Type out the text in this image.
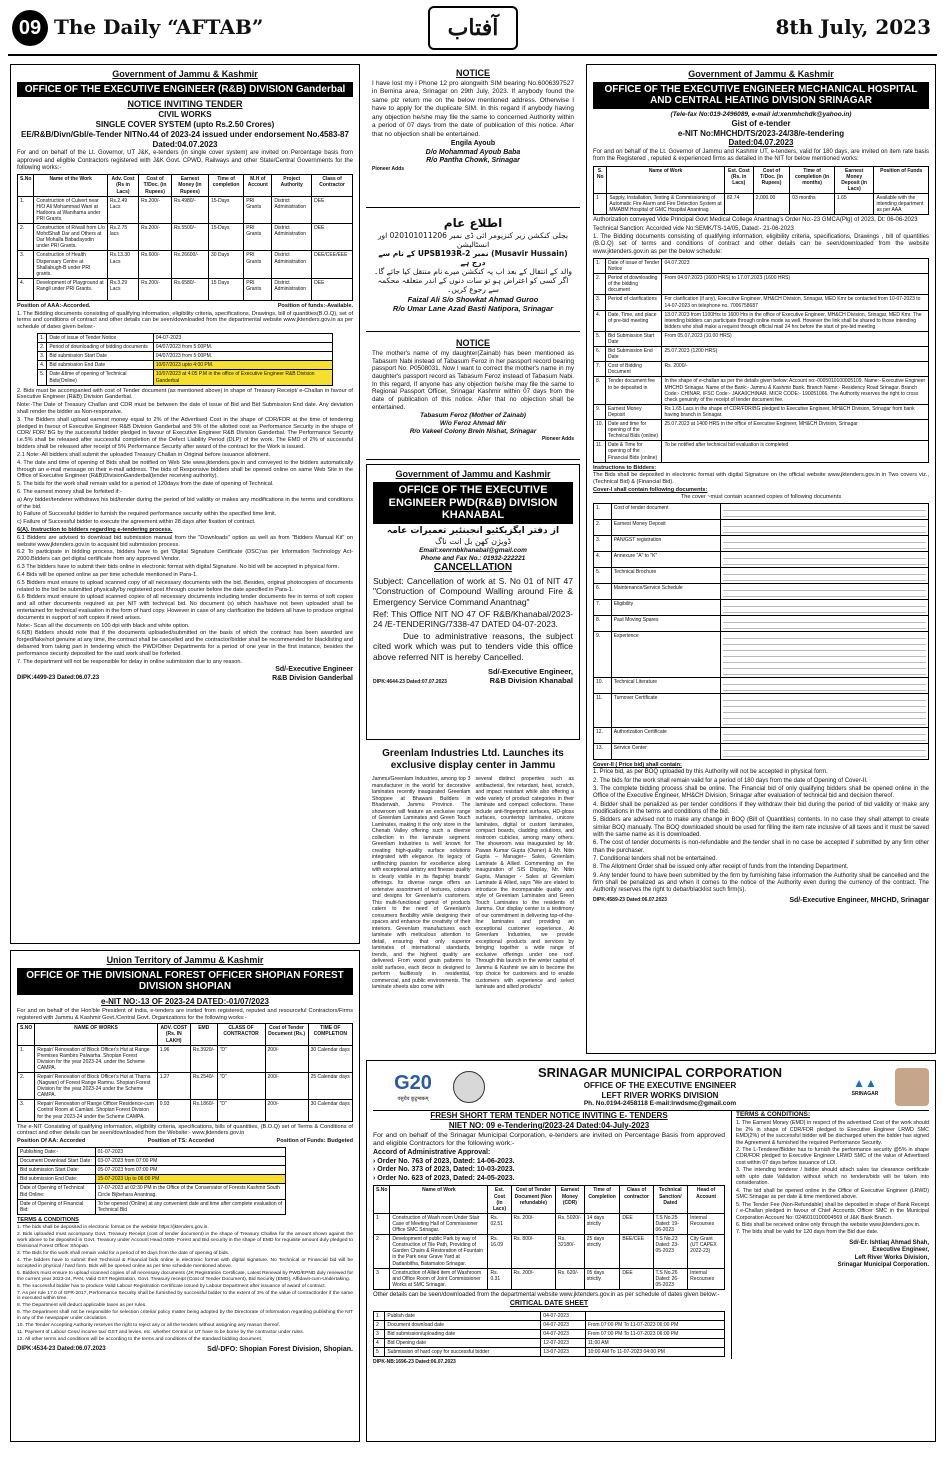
09 The Daily “AFTAB”	آفتاب	8th July, 2023
Government of Jammu & Kashmir
OFFICE OF THE EXECUTIVE ENGINEER (R&B) DIVISION Ganderbal
NOTICE INVITING TENDER
CIVIL WORKS
SINGLE COVER SYSTEM (upto Rs.2.50 Crores)
EE/R&B/Divn/Gbl/e-Tender NITNo.44 of 2023-24 issued under endorsement No.4583-87 Dated:04.07.2023

For and on behalf of the Lt. Governor, UT J&K, e-tenders (in single cover system) are invited on Percentage basis from approved and eligible Contractors registered with J&K Govt. CPWD, Railways and other State/Central Governments for the following works:-

S.No	Name of the Work	Adv. Cost (Rs in Lacs)	Cost of T/Doc. (in Rupees)	Earnest Money (in Rupees)	Time of completion	M.H of Account	Project Authority	Class of Contractor
1.	Construction of Culvert near H/O Ali Mohammad Wani at Hadoora at Wanihama under PRI Grants.	Rs.2.49 Lacs	Rs.200/-	Rs.4980/-	15-Days	PRI Grants	District Administration	DEE
2.	Construction of R/wall from L/o MohdShafi Dar and Others at Dar Mohalla Babadayodin under PRI Grants.	Rs.2.75 lacs	Rs.200/-	Rs.5500/-	15-Days	PRI Grants	District Administration	DEE
3.	Construction of Health Dispensary Centre at Shallabugh-B under PRI grants.	Rs.13.30 Lacs	Rs.600/-	Rs.26600/-	30 Days	PRI Grants	District Administration	DEE/CEE/EEE
4.	Development of Playground at Rangil under PRI Grants.	Rs.3.29 Lacs	Rs.200/-	Rs.6580/-	15 Days	PRI Grants	District Administration	DEE
Position of AAA:-Accorded.	Position of funds:-Available.

1. The Bidding documents consisting of qualifying information, eligibility criteria, specifications, Drawings, bill of quantities(B.O.Q), set of terms and conditions of contract and other details can be seen/downloaded from the departmental website www.jktenders.gov.in as per schedule of dates given below:-

1.	Date of issue of Tender Notice	04-07-2023
2.	Period of downloading of bidding documents	04/07/2023 from 5:00PM.
3.	Bid submission Start Date	04/07/2023 from 5:00PM.
4.	Bid submission End Date	10/07/2023 upto 4:00 PM.
5.	Date &time of opening of Technical Bids(Online)	10/07/2023 at 4:05 P.M in the office of Executive Engineer R&B Division Ganderbal

2. Bids must be accompanied with cost of Tender document (as mentioned above) in shape of Treasury Receipt/ e-Challan in favour of Executive Engineer (R&B) Division Ganderbal.

Note:-The Date of Treasury Challan and CDR must be between the date of issue of Bid and Bid Submission End date. Any deviation shall render the bidder as Non-responsive.

3. The Bidders shall upload earnest money equal to 2% of the Advertised Cost in the shape of CDR/FDR at the time of tendering pledged in favour of Executive Engineer R&B Division Ganderbal and 5% of the allotted cost as Performance Security in the shape of CDR/ FDR/ BG by the successful bidder pledged in favour of Executive Engineer R&B Division Ganderbal. The Performance Security i.e.5% shall be released after successful completion of the Defect Liability Period (DLP) of the work. The EMD of 2% of successful bidders shall be released after receipt of 5% Performance Security after award of the contract for the Work is issued.

2.1 Note:-All bidders shall submit the uploaded Treasury Challan in Original before issuance allotment.

4. The date and time of opening of Bids shall be notified on Web Site www.jktenders.gov.in and conveyed to the bidders automatically through an e-mail message on their e-mail address. The bids of Responsive bidders shall be opened online on same Web Site in the Office of Executive Engineer (R&B)DivisionGanderbal(tender receiving authority).

5. The bids for the work shall remain valid for a period of 120days from the date of opening of Technical.

6. The earnest money shall be forfeited if:-

a) Any bidder/tenderer withdraws his bid/tender during the period of bid validity or makes any modifications in the terms and conditions of the bid.

b) Failure of Successful bidder to furnish the required performance security within the specified time limit.

c) Failure of Successful bidder to execute the agreement within 28 days after fixation of contract.

6(A). Instruction to bidders regarding e-tendering process.

6.1 Bidders are advised to download bid submission manual from the "Downloads" option as well as from "Bidders Manual Kit" on website www.jktenders.gov.in to acquaint bid submission process.

6.2 To participate in bidding process, bidders have to get 'Digital Signature Certificate (DSC)'as per Information Technology Act-2000.Bidders can get digital certificate from any approved Vendor.

6.3 The bidders have to submit their bids online in electronic format with digital Signature. No bid will be accepted in physical form.

6.4 Bids will be opened online as per time schedule mentioned in Para-1.

6.5 Bidders must ensure to upload scanned copy of all necessary documents with the bid. Besides, original photocopies of documents related to the bid be submitted physically/by registered post /through courier before the date specified in Para-1.

6.6 Bidders must ensure to upload scanned copies of all necessary documents including tender documents fee in terms of soft copies and all other documents required as per NIT with technical bid. No document (s) which has/have not been uploaded shall be entertained for technical evaluation in the form of hard copy. However in case of any clarification the bidders all have to produce original documents in support of soft copies if need arises.

Note:- Scan all the documents on 100 dpi with black and white option.

6.6(B) Bidders should note that if the documents uploaded/submitted on the basis of which the contract has been awarded are forged/fake/not genuine at any time, the contract shall be cancelled and the contractor/bidder shall be recommended for blacklisting and debarred from taking part in tendering which the PWD/Other Departments for a period of one year in the first instance, besides the performance security deposited for the said work shall be forfeited.

7. The department will not be responsible for delay in online submission due to any reason.

Sd/-Executive Engineer
DIPK:4499-23 Dated:06.07.23	R&B Division Ganderbal
Union Territory of Jammu & Kashmir
OFFICE OF THE DIVISIONAL FOREST OFFICER SHOPIAN FOREST DIVISION SHOPIAN
e-NIT NO:-13 OF 2023-24 DATED:-01/07/2023

For and on behalf of the Hon'ble President of India, e-tenders are invited from registered, reputed and resourceful Contractors/Firms registered with Jammu & Kashmir Govt./Central Govt. Organizations for the following works:-

S.NO	NAME OF WORKS	ADV. COST (Rs. IN LAKH)	EMD	CLASS OF CONTRACTOR	Cost of Tender Document (Rs.)	TIME OF COMPLETION
1.	Repair/ Renovation of Block Officer's Hut at Range Premises Rambirs Palwarha. Shopian Forest Division for the year 2023-24. under the Scheme CAMPA.	1.96	Rs.3920/-	"D"	200/-	30 Calendar days
2.	Repair/ Renovation of Block Officer's Hut at Tharna (Nagwan) of Forest Range Ramnu. Shopian Forest Division for the year 2023-24 under the Scheme CAMPA.	1.27	Rs.2540/-	"D"	200/-	25 Calendar days
3.	Repair/ Renovation of Range Officer Residence-cum Control Room at Camlani. Shopian Forest Division for the year 2023-24 under the Scheme CAMPA.	0.93	Rs.1860/-	"D"	200/-	30 Calendar days

The e-NIT Consisting of qualifying information, eligibility criteria, specifications, bills of quantities, (B.O.Q) set of Terms & Conditions of contract and other details can be seen/downloaded from the Website:- www.jktenders.gov.in

Position Of AA: Accorded	Position of TS: Accorded	Position of Funds: Budgeted
Publishing Date:-	01-07-2023
Document Download Start Date:	03-07-2023 from 07:00 PM
Bid submission Start Date:	05-07-2023 from 07:00 PM
Bid submission End Date:	15-07-2023 Up to 06:00 PM
Date of Opening of Technical Bid Online:	17-07-2023 at 02:30 PM in the Office of the Conservator of Forests Kashmir South Circle Bijbehara Anantnag.
Date of Opening of Financial Bid:	To be opened (Online) at any convenient date and time after complete evaluation of Technical Bid
TERMS & CONDITIONS

1. The bids shall be deposited in electronic format on the website https://jktenders.gov.in.

2. Bids uploaded must accompany Govt. Treasury Receipt (cost of tender document) in the shape of Treasury Challan for the amount shown against the work above to be deposited in Govt. Treasury under Account Head 0406- Forest and Bid security in the shape of EMD for requisite amount duly pledged to Divisional Forest Officer Shopian.

3. The Bids for the work shall remain valid for a period of 90 days from the date of opening of bids.

4. The bidders have to submit their Technical & Financial bids online in electronic format with digital signature. No Technical or Financial bid will be accepted in physical / hard form. Bids will be opened online as per time schedule mentioned above.

5. Bidders must ensure to upload scanned copies of all necessary documents (JK Registration Certificate, Latest Renewal by PWD/EPND duly renewed for the current year 2023-24, PAN, Valid GST Registration, Govt. Treasury receipt (Cost of Tender Document), Bid Security (EMD), Affidavit-cum-Undertaking.

6. The successful bidder has to produce Valid Labour Registration Certificate issued by Labour Department after issuance of award of contract.

7. As per rule 17.0 of GFR-2017, Performance Security shall be furnished by successful bidder to the extent of 3% of the value of contract/order if the same is executed within time.

8. The Department will deduct applicable taxes as per rules.

9. The Department shall not be responsible for selection criteria/ policy matter being adopted by the Directorate of Information regarding publishing the NIT in any of the newspaper under circulation.

10. The Tender Accepting Authority reserves the right to reject any or all the tenders without assigning any reason thereof.

11. Payment of Labour Cess/ income tax/ GST and levies, etc. whether Central or UT have to be borne by the contractor under rules.

12. All other terms and conditions will be according to the terms and conditions of the standard bidding document.

DIPK:4534-23 Dated:06.07.2023	Sd/-DFO: Shopian Forest Division, Shopian.
NOTICE

I have lost my i Phone 12 pro alongwith SIM bearing No.6006397527 in Bemina area, Srinagar on 29th July, 2023. If anybody found the same plz return me on the below mentioned address. Otherwise I have to apply for the duplicate SIM. In this regard if anybody having any objection he/she may file the same to concerned Authority within a period of 07 days from the date of publication of this notice. After that no objection shall be entertained.

Engila Ayoub
D/o Mohammad Ayoub Baba
R/o Pantha Chowk, Srinagar
Pioneer Adds
اطلاع عام
بجلی کنکشن زیر کنزیومر ائی ڈی نمبر 020101011206 اور انسٹالیشن
(Musavir Hussain) نمبر UPSB193R-2 کے نام سے درج ہے
والد کے انتقال کے بعد اب یہ کنکشن میرے نام منتقل کیا جائے گا۔ اگر کسی کو اعتراض ہو تو سات دنوں کے اندر متعلقہ محکمہ سے رجوع کریں۔
Faizal Ali S/o Showkat Ahmad Guroo
R/o Umar Lane Azad Basti Natipora, Srinagar
NOTICE

The mother's name of my daughter(Zainab) has been mentioned as Tabasum Nabi instead of Tabasum Feroz in her passport record bearing passport No. P0508031. Now I want to correct the mother's name in my daughter's passport record as Tabasum Feroz instead of Tabasum Nabi. In this regard, If anyone has any objection he/she may file the same to Regional Passport Officer, Srinagar Kashmir within 07 days from the date of publication of this notice. After that no objection shall be entertained.

Tabasum Feroz (Mother of Zainab)
W/o Feroz Ahmad Mir
R/o Vakeel Colony Brein Nishat, Srinagar
Pioneer Adds
Government of Jammu and Kashmir
OFFICE OF THE EXECUTIVE ENGINEER PWD(R&B) DIVISION KHANABAL
از دفتر ایگزیکٹیو انجینئیر تعمیرات عامہ
ڈویژن کھن بل انت ناگ
Email:xenrnbkhanabal@gmail.com
Phone and Fax No.: 01932-222221
CANCELLATION

Subject: Cancellation of work at S. No 01 of NIT 47 "Construction of Compound Walling around Fire & Emergency Service Command Anantnag"

Ref: This Office NIT NO 47 OF R&B/Khanabal/2023-24 /E-TENDERING/7338-47 DATED 04-07-2023.

Due to administrative reasons, the subject cited work which was put to tenders vide this office above referred NIT is hereby Cancelled.

Sd/-Executive Engineer,
DIPK:4644-23 Dated:07.07.2023	R&B Division Khanabal
Greenlam Industries Ltd. Launches its exclusive display center in Jammu

Jammu/Greenlam Industries, among top 3 manufacturer in the world for decorative laminates recently inaugurated Greenlam Shoppee at Bhawani Builders in Bhaderwah, Jammu Province. The showroom will feature an exclusive range of Greenlam Laminates and Green Touch Laminates, making it the only store in the Chenab Valley offering such a diverse collection in the laminate segment. Greenlam Industries is well known for creating high-quality surface solutions integrated with elegance. Its legacy of unflinching passion for excellence along with exceptional artistry and finesse quality is clearly visible in its flagship brands' offerings. Its diverse range offers an extensive assortment of textures, colours and designs for Greenlam's customers. This multi-functional gamut of products caters to the need of Greenlam's consumers flexibility while designing their spaces and enhance the creativity of their interiors. Greenlam manufactures each laminate with meticulous attention to detail, ensuring that only superior laminates of international standards, trends, and the highest quality are delivered. From wood grain patterns to solid surfaces, each decor is designed to perform faultlessly in residential, commercial, and public environments. The laminate sheets also come with

several distinct properties such as antibacterial, fire retardant, heat, scratch, and impact resistant while also offering a wide variety of product categories in their laminate and compact collections. These include anti-fingerprint surfaces, HD-gloss surfaces, countertop laminates, unicore laminates, digital or custom laminates, compact boards, cladding solutions, and restroom cubicles, among many others. The showroom was inaugurated by Mr. Pawan Kumar Gupta (Owner) & Mr. Nitin Gupta – Manager– Sales, Greenlam Laminate & Allied. Commenting on the inauguration of SIS Display, Mr. Nitin Gupta, Manager - Sales at Greenlam Laminate & Allied, says "We are elated to introduce the incomparable quality and style of Greenlam Laminates and Green Touch Laminates to the residents of Jammu. Our display center is a testimony of our commitment in delivering top-of-the-line laminates and providing an exceptional customer experience. At Greenlam Industries, we provide exceptional products and services by bringing together a wide range of exclusive offerings under one roof. Through this launch in the winter capital of Jammu & Kashmir we aim to become the top choice for customers and to enable customers with experience and select laminate and allied products"

Government of Jammu & Kashmir
OFFICE OF THE EXECUTIVE ENGINEER MECHANICAL HOSPITAL AND CENTRAL HEATING DIVISION SRINAGAR
(Tele-fax No:019-2496089, e-mail id:xenmhchdk@yahoo.in)
Gist of e-tender
e-NIT No:MHCHD/TS/2023-24/38/e-tendering
Dated:04.07.2023

For and on behalf of the Lt. Governor of Jammu and Kashmir UT, e-tenders, valid for 180 days, are invited on item rate basis from the Registered , reputed & experienced firms as detailed in the NIT for below mentioned works:

S. No	Name of Work	Est. Cost (Rs. in Lacs)	Cost of T/Doc. (in Rupees)	Time of completion (in months)	Earnest Money Deposit (in Lacs)	Position of Funds
1	Supply, Installation, Testing & Commissioning of Automatic Fire Alarm and Fire Detection System at MMABM Hospital of GMC Hospital Anantnag	82.74	2,000.00	03 months	1.65	Available with the intending department as per AAA

Authorization conveyed Vide Principal Govt Medical College Anantnag's Order No:-23 GMCA(Plg) of 2023, Dt: 06-06-2023

Technical Sanction: Accorded vide No:SEMK/TS-14/05, Dated:- 21-06-2023

1. The Bidding documents consisting of qualifying information, eligibility criteria, specifications, Drawings , bill of quantities (B.O.Q) set of terms and conditions of contract and other details can be seen/downloaded from the website www.jktenders.gov.in as per the below schedule:

1.	Date of issue of Tender Notice	04.07.2023
2.	Period of downloading of the bidding document	From 04.07.2023 (1600 HRS) to 17.07.2023 (1600 HRS)
3.	Period of clarifications	For clarification (if any), Executive Engineer, MH&CH Division, Srinagar, MED Kmr be contacted from 10-07-2023 to 14-07-2023 on telephone no. 7006758687
4.	Date, Time, and place of pre-bid meeting	13.07.2023 from 1100Hrs to 1600 Hrs in the office of Executive Engineer, MH&CH Division, Srinagar, MED Kmr. The intending bidders can participate through online mode as well. However the link shall be shared to those intending bidders who shall make a request through official mail 24 hrs before the start of pre-bid meeting
5.	Bid Submission Start Date	From 05.07.2023 (10.00 HRS)
6.	Bid Submission End Date	25.07.2023 (1200 HRS)
7.	Cost of Bidding Document	Rs. 2000/-
8.	Tender document fee to be deposited in	In the shape of e-challan as per the details given below: Account no:-0005010100005109. Name:- Executive Engineer MHCHD Srinagar. Name of the Bank:- Jammu & Kashmir Bank. Branch Name:- Residency Road Srinagar. Branch Code:- CHINAR. IFSC Code:- JAKA0CHINAR. MICR CODE:- 190051066. The Authority reserves the right to cross check genuinity of the receipt of tender document fee.
9.	Earnest Money Deposit	Rs 1.65 Lacs in the shape of CDR/FDR/BG pledged to Executive Engineer, MH&CH Division, Srinagar from bank having branch in Srinagar.
10.	Date and time for opening of the Technical Bids (online)	25.07.2023 at 1400 HRS in the office of Executive Engineer, MH&CH Division, Srinagar
11.	Date & Time for opening of the Financial Bids (online)	To be notified after technical bid evaluation is completed
Instructions to Bidders:

The Bids shall be deposited in electronic format with digital Signature on the official website www.jktenders.gov.in in Two covers viz., (Technical Bid) & (Financial Bid).

Cover-I shall contain following documents:
The cover ~must contain scanned copies of following documents
1.	Cost of tender document	

2.	Earnest Money Deposit	

3.	PAN/GST registration	

4.	Annexure "A" to "K"	

5.	Technical Brochure	

6.	Maintenance/Service Schedule	

7.	Eligibility	

8.	Past Moving Spares	

9.	Experience	

10.	Technical Literature	

11.	Turnover Certificate	

12.	Authorization Certificate	

13.	Service Center	
Cover-II ( Price bid) shall contain:

1. Price bid, as per BOQ uploaded by this Authority will not be accepted in physical form.

2. The bids for the work shall remain valid for a period of 180 days from the date of Opening of Cover-II.

3. The complete bidding process shall be online. The Financial bid of only qualifying bidders shall be opened online in the Office of the Executive Engineer, MH&CH Division, Srinagar after evaluation of technical bid and decision thereof.

4. Bidder shall be penalized as per tender conditions if they withdraw their bid during the period of bid validity or make any modifications in the terms and conditions of the bid.

5. Bidders are advised not to make any change in BOQ (Bill of Quantities) contents. In no case they shall attempt to create similar BOQ manually. The BOQ downloaded should be used for filling the item rate inclusive of all taxes and it must be saved with the same name as it is downloaded.

6. The cost of tender documents is non-refundable and the tender shall in no case be accepted if submitted by any firm other than the purchaser.

7. Conditional tenders shall not be entertained.

8. The Allotment Order shall be issued only after receipt of funds from the Intending Department.

9. Any tender found to have been submitted by the firm by furnishing false information the Authority shall be cancelled and the firm shall be penalized as and when it comes to the notice of the Authority even during the currency of the contract. The Authority reserves the right to debar/blacklist such firm(s).

DIPK:4589-23 Dated:06.07.2023	Sd/-Executive Engineer, MHCHD, Srinagar
G20
वसुधैव कुटुम्बकम्
SRINAGAR MUNICIPAL CORPORATION
OFFICE OF THE EXECUTIVE ENGINEER
LEFT RIVER WORKS DIVISION
Ph. No.0194-2458118 E-mail:lrwdsmc@gmail.com
▲▲
SRINAGAR
FRESH SHORT TERM TENDER NOTICE INVITING E- TENDERS
NIET NO: 09 e-Tendering/2023-24 Dated:04-July-2023

For and on behalf of the Srinagar Municipal Corporation, e-tenders are invited on Percentage Basis from approved and eligible Contractors for the following work:-

Accord of Administrative Approval:
› Order No. 763 of 2023, Dated: 14-06-2023.
› Order No. 373 of 2023, Dated: 10-03-2023.
› Order No. 623 of 2023, Dated: 24-05-2023.
S.No	Name of Work	Est. Cost (in Lacs)	Cost of Tender Document (Non refundable)	Earnest Money (CDR)	Time of Completion	Class of contractor	Technical Sanction/ Dated	Head of Account
1	Construction of Wash room Under Stair Case of Meeting Hall of Commissioner Office SMC Srinagar.	Rs. 02.51	Rs. 200/-	Rs. 5020/-	14 days strictly	DEE	T.S No.25 Dated: 19-06-2023	Internal Recourses
2	Development of public Park by way of Construction of Tile Path, Providing of Garden Chairs & Restoration of Fountain in the Park near Grave Yard at Dadanbitha, Batamaloo Srinagar.	Rs. 16.09	Rs. 800/-	Rs. 32180/-	25 days strictly	BEE/CEE	T.S No.23 Dated: 23-05-2023	City Grant (UT CAPEX 2022-23)
3	Construction of Allied item of Washroom and Office Room of Joint Commissioner Works at SMC Srinagar.	Rs. 0.31	Rs. 200/-	Rs. 620/-	05 days strictly	DEE	T.S No.26 Dated: 26-05-2023	Internal Recourses

Other details can be seen/downloaded from the departmental website www.jktenders.gov.in as per schedule of dates given below:-

CRITICAL DATE SHEET
1	Publish date	04-07-2023	
2	Document download date	04-07-2023	From 07:00 PM To 11-07-2023 06:00 PM
3	Bid submission/uploading date	04-07-2023	From 07:00 PM To 11-07-2023 06:00 PM
4	Bid Opening date	12-07-2023	11:00 AM
5	Submission of hard copy for successful bidder	13-07-2023	10:00 AM To 11-07-2023 04:00 PM
TERMS & CONDITIONS:

1. The Earnest Money (EMD) in respect of the advertised Cost of the work should be 2% in shape of CDR/FDR pledged to Executive Engineer LRWD SMC EMD(2%) of the successful bidder will be discharged when the bidder has signed the Agreement & furnished the required Performance Security.

2. The L-Tenderer/Bidder has to furnish the performance security @5% in shape CDR/FDR pledged to Executive Engineer LRWD SMC of the value of Advertised cost within 07 days before issuance of LOI.

3. The intending tenderer / bidder should attach sales tax clearance certificate with upto date Validation without which no tenders/bids will be taken into consideration.

4. The bid shall be opened online in the Office of Executive Engineer (LRWD) SMC Srinagar as per date & time mentioned above.

5. The Tender Fee (Non-Refundable) shall be deposited in shape of Bank Receipt / e-Challan pledged in favour of Chief Accounts Officer SMC in the Municipal Corporation Account No: 0246010100004569 of J&K Bank Branch.

6. Bids shall be received online only through the website www.jktenders.gov.in.

7. The bids shall be valid for 120 days from the Bid due date.

Sd/-Er. Ishtiaq Ahmad Shah,
Executive Engineer,
Left River Works Division,
Srinagar Municipal Corporation.
DIPK-NB:1696-23 Dated:06.07.2023
